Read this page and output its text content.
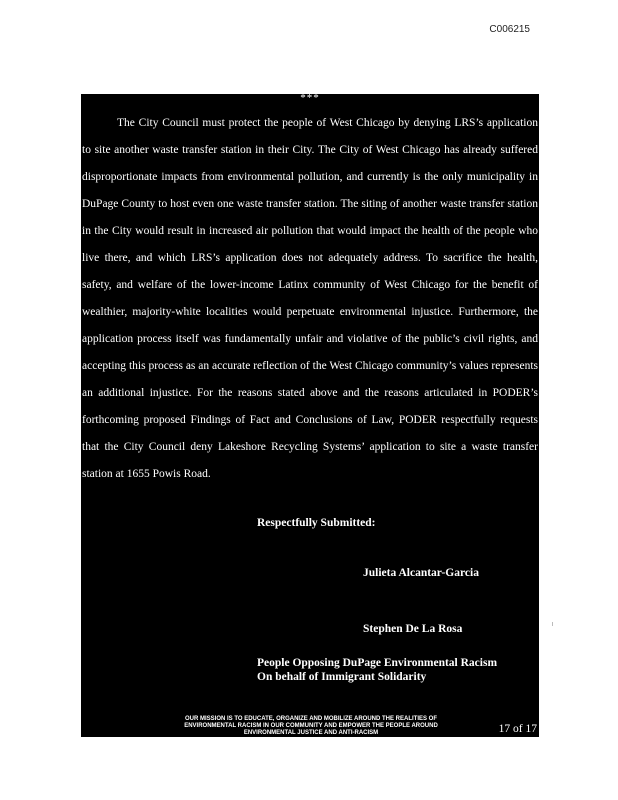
C006215
***
The City Council must protect the people of West Chicago by denying LRS’s application
to site another waste transfer station in their City. The City of West Chicago has already suffered
disproportionate impacts from environmental pollution, and currently is the only municipality in
DuPage County to host even one waste transfer station. The siting of another waste transfer station
in the City would result in increased air pollution that would impact the health of the people who
live there, and which LRS’s application does not adequately address. To sacrifice the health,
safety, and welfare of the lower-income Latinx community of West Chicago for the benefit of
wealthier, majority-white localities would perpetuate environmental injustice. Furthermore, the
application process itself was fundamentally unfair and violative of the public’s civil rights, and
accepting this process as an accurate reflection of the West Chicago community’s values represents
an additional injustice. For the reasons stated above and the reasons articulated in PODER’s
forthcoming proposed Findings of Fact and Conclusions of Law, PODER respectfully requests
that the City Council deny Lakeshore Recycling Systems’ application to site a waste transfer
station at 1655 Powis Road.
Respectfully Submitted:
Julieta Alcantar-Garcia
Stephen De La Rosa
People Opposing DuPage Environmental Racism
On behalf of Immigrant Solidarity
OUR MISSION IS TO EDUCATE, ORGANIZE AND MOBILIZE AROUND THE REALITIES OF
ENVIRONMENTAL RACISM IN OUR COMMUNITY AND EMPOWER THE PEOPLE AROUND
ENVIRONMENTAL JUSTICE AND ANTI-RACISM	17 of 17
